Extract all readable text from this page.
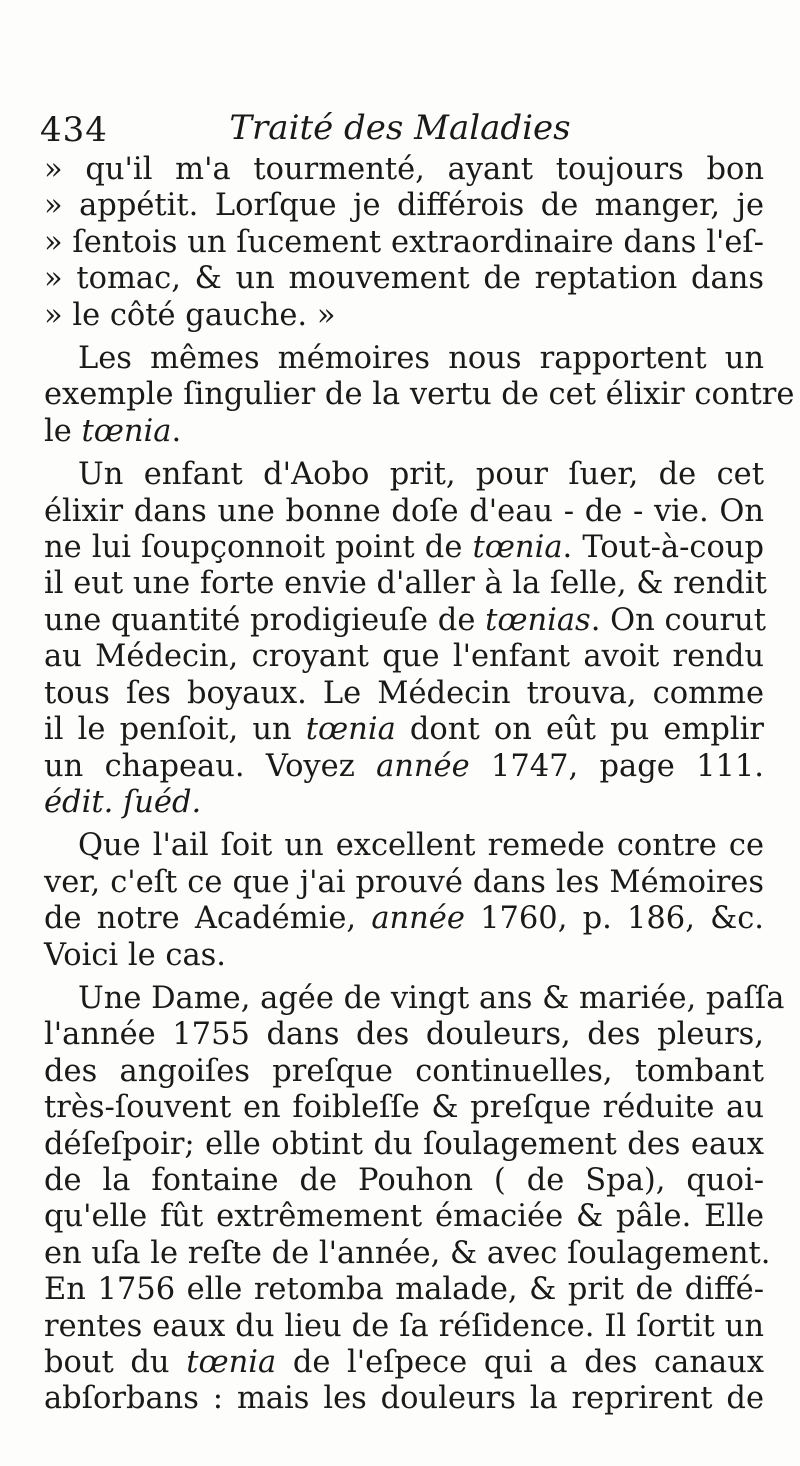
434	Traité des Maladies
» qu'il m'a tourmenté, ayant toujours bon
» appétit. Lorſque je différois de manger, je
» ſentois un ſucement extraordinaire dans l'eſ-
» tomac, & un mouvement de reptation dans
» le côté gauche. »
Les mêmes mémoires nous rapportent un
exemple ſingulier de la vertu de cet élixir contre
le tœnia.
Un enfant d'Aobo prit, pour ſuer, de cet
élixir dans une bonne doſe d'eau - de - vie. On
ne lui ſoupçonnoit point de tœnia. Tout-à-coup
il eut une forte envie d'aller à la ſelle, & rendit
une quantité prodigieuſe de tœnias. On courut
au Médecin, croyant que l'enfant avoit rendu
tous ſes boyaux. Le Médecin trouva, comme
il le penſoit, un tœnia dont on eût pu emplir
un chapeau. Voyez année 1747, page 111.
édit. ſuéd.
Que l'ail ſoit un excellent remede contre ce
ver, c'eſt ce que j'ai prouvé dans les Mémoires
de notre Académie, année 1760, p. 186, &c.
Voici le cas.
Une Dame, agée de vingt ans & mariée, paſſa
l'année 1755 dans des douleurs, des pleurs,
des angoiſes preſque continuelles, tombant
très-ſouvent en foibleſſe & preſque réduite au
déſeſpoir; elle obtint du ſoulagement des eaux
de la fontaine de Pouhon ( de Spa), quoi-
qu'elle fût extrêmement émaciée & pâle. Elle
en uſa le reſte de l'année, & avec ſoulagement.
En 1756 elle retomba malade, & prit de diffé-
rentes eaux du lieu de ſa réſidence. Il ſortit un
bout du tœnia de l'eſpece qui a des canaux
abſorbans : mais les douleurs la reprirent de
